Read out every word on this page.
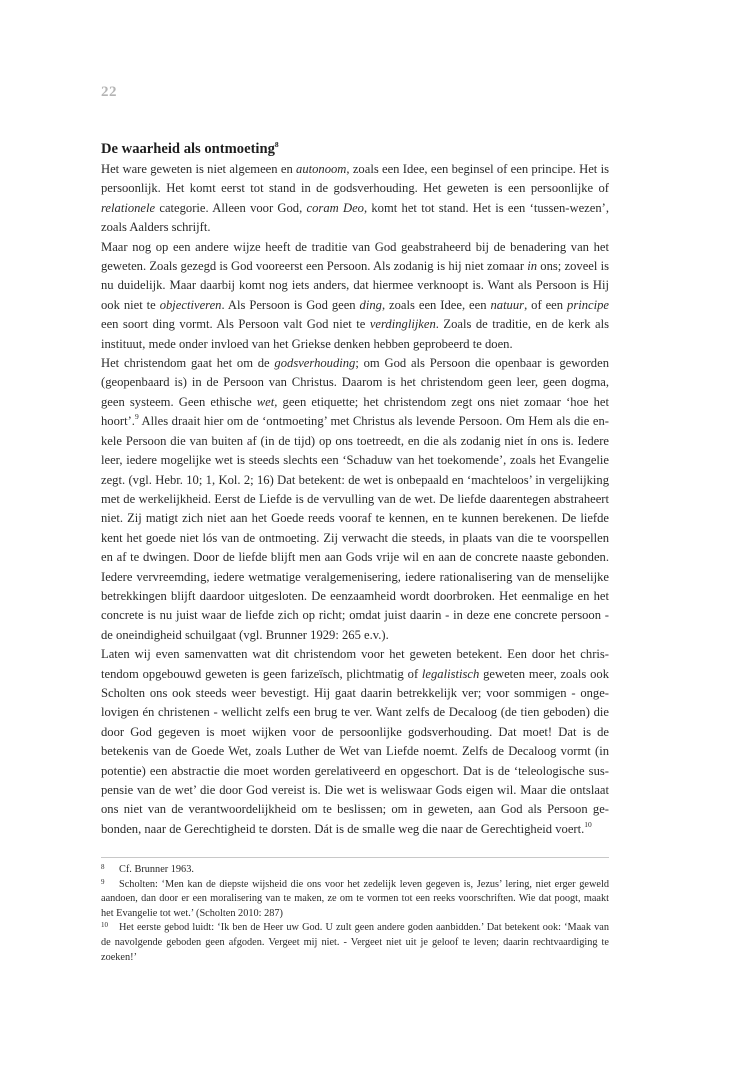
22
De waarheid als ontmoeting$^8$

Het ware geweten is niet algemeen en autonoom, zoals een Idee, een beginsel of een principe. Het is persoonlijk. Het komt eerst tot stand in de godsverhouding. Het geweten is een persoonlijke of relationele categorie. Alleen voor God, coram Deo, komt het tot stand. Het is een ‘tussen-wezen’, zoals Aalders schrijft.

Maar nog op een andere wijze heeft de traditie van God geabstraheerd bij de benadering van het geweten. Zoals gezegd is God vooreerst een Persoon. Als zodanig is hij niet zomaar in ons; zoveel is nu duidelijk. Maar daarbij komt nog iets anders, dat hiermee verknoopt is. Want als Persoon is Hij ook niet te objectiveren. Als Persoon is God geen ding, zoals een Idee, een natuur, of een principe een soort ding vormt. Als Persoon valt God niet te verdinglijken. Zoals de traditie, en de kerk als instituut, mede onder invloed van het Griekse denken hebben geprobeerd te doen.

Het christendom gaat het om de godsverhouding; om God als Persoon die openbaar is geworden (geopenbaard is) in de Persoon van Christus. Daarom is het christendom geen leer, geen dogma, geen systeem. Geen ethische wet, geen etiquette; het christendom zegt ons niet zomaar ‘hoe het hoort’.$^9$ Alles draait hier om de ‘ontmoeting’ met Christus als levende Persoon. Om Hem als die enkele Persoon die van buiten af (in de tijd) op ons toetreedt, en die als zodanig niet ín ons is. Iedere leer, iedere mogelijke wet is steeds slechts een ‘Schaduw van het toekomende’, zoals het Evangelie zegt. (vgl. Hebr. 10; 1, Kol. 2; 16) Dat betekent: de wet is onbepaald en ‘machteloos’ in vergelijking met de werkelijkheid. Eerst de Liefde is de vervulling van de wet. De liefde daarentegen abstraheert niet. Zij matigt zich niet aan het Goede reeds vooraf te kennen, en te kunnen berekenen. De liefde kent het goede niet lós van de ontmoeting. Zij verwacht die steeds, in plaats van die te voorspellen en af te dwingen. Door de liefde blijft men aan Gods vrije wil en aan de concrete naaste gebonden. Iedere vervreemding, iedere wetmatige veralgemenisering, iedere rationalisering van de menselijke betrekkingen blijft daardoor uitgesloten. De eenzaamheid wordt doorbroken. Het eenmalige en het concrete is nu juist waar de liefde zich op richt; omdat juist daarin - in deze ene concrete persoon - de oneindigheid schuilgaat (vgl. Brunner 1929: 265 e.v.).

Laten wij even samenvatten wat dit christendom voor het geweten betekent. Een door het christendom opgebouwd geweten is geen farizeïsch, plichtmatig of legalistisch geweten meer, zoals ook Scholten ons ook steeds weer bevestigt. Hij gaat daarin betrekkelijk ver; voor sommigen - ongelovigen én christenen - wellicht zelfs een brug te ver. Want zelfs de Decaloog (de tien geboden) die door God gegeven is moet wijken voor de persoonlijke godsverhouding. Dat moet! Dat is de betekenis van de Goede Wet, zoals Luther de Wet van Liefde noemt. Zelfs de Decaloog vormt (in potentie) een abstractie die moet worden gerelativeerd en opgeschort. Dat is de ‘teleologische suspensie van de wet’ die door God vereist is. Die wet is weliswaar Gods eigen wil. Maar die ontslaat ons niet van de verantwoordelijkheid om te beslissen; om in geweten, aan God als Persoon gebonden, naar de Gerechtigheid te dorsten. Dát is de smalle weg die naar de Gerechtigheid voert.$^{10}$

8 Cf. Brunner 1963.

9 Scholten: ‘Men kan de diepste wijsheid die ons voor het zedelijk leven gegeven is, Jezus’ lering, niet erger geweld aandoen, dan door er een moralisering van te maken, ze om te vormen tot een reeks voorschriften. Wie dat poogt, maakt het Evangelie tot wet.’ (Scholten 2010: 287)

10 Het eerste gebod luidt: ‘Ik ben de Heer uw God. U zult geen andere goden aanbidden.’ Dat betekent ook: ‘Maak van de navolgende geboden geen afgoden. Vergeet mij niet. - Vergeet niet uit je geloof te leven; daarin rechtvaardiging te zoeken!’
